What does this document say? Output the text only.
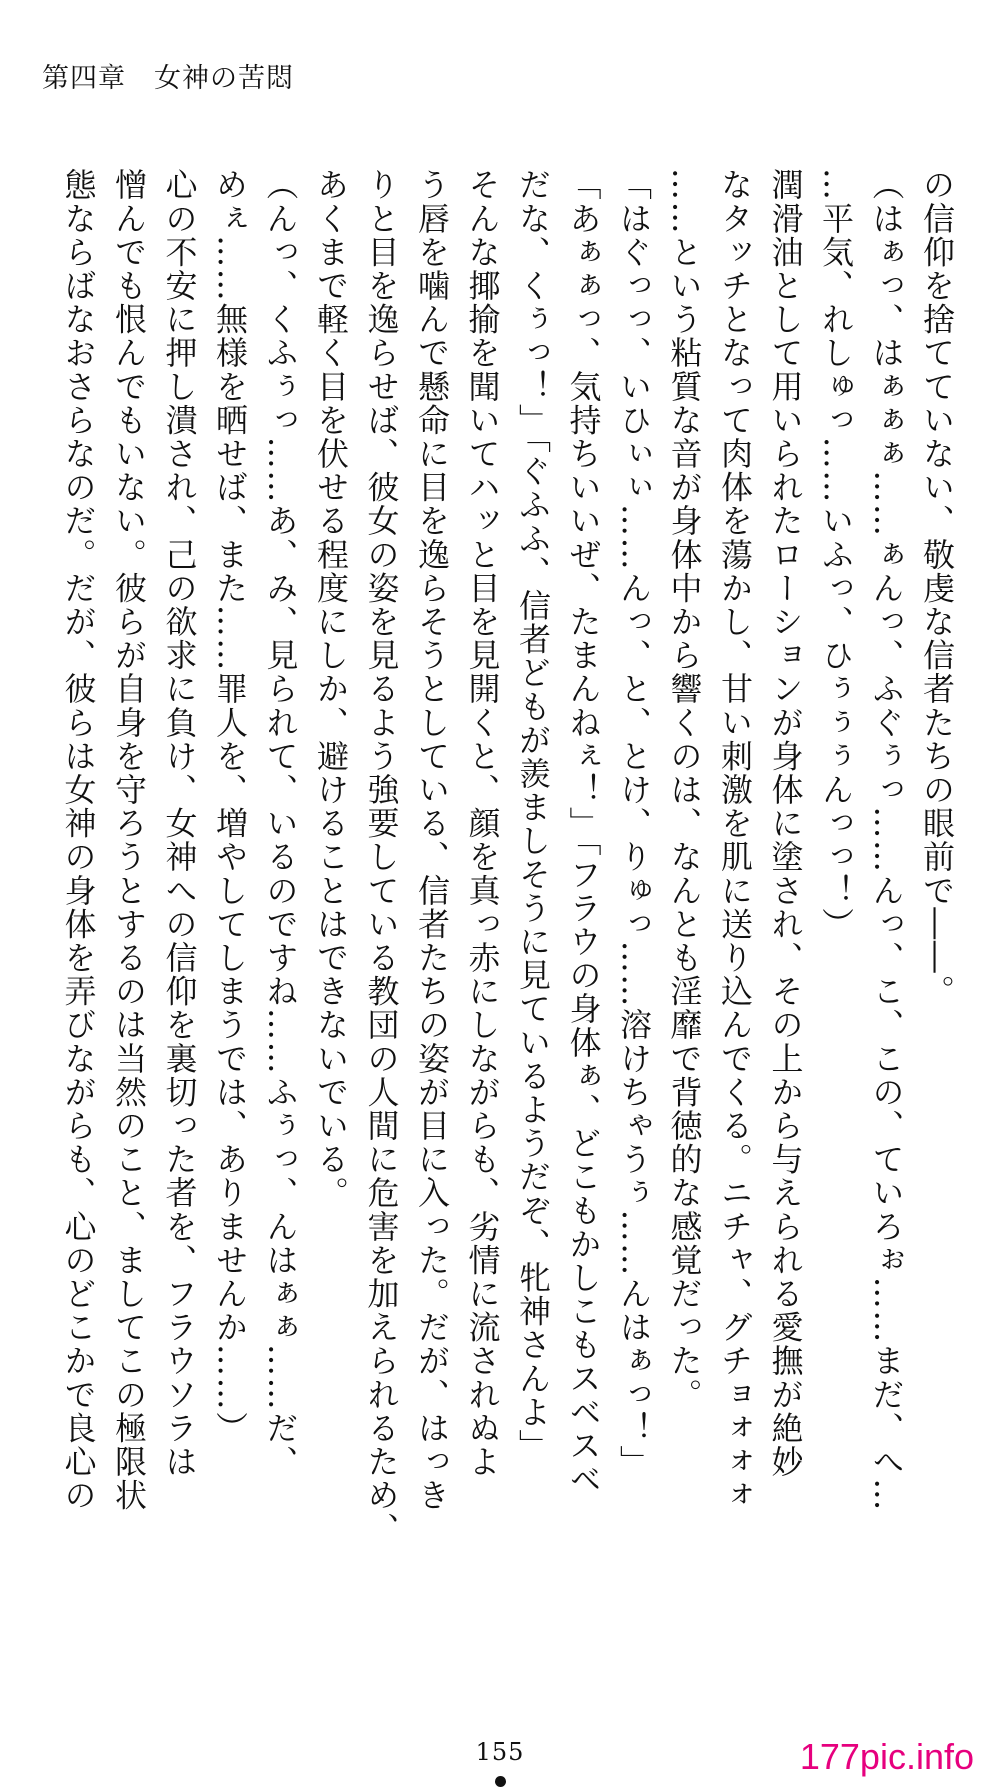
第四章　 女神の苦悶
の信仰を捨てていない、敬虔な信者たちの眼前で――。
（はぁっ、はぁぁぁ……ぁんっ、ふぐぅっ……んっ、こ、この、ていろぉ……まだ、へ…
…平気、れしゅっ……いふっ、ひぅぅぅんっっ！）
潤滑油として用いられたローションが身体に塗され、その上から与えられる愛撫が絶妙
なタッチとなって肉体を蕩かし、甘い刺激を肌に送り込んでくる。ニチャ、グチョォォォ
……という粘質な音が身体中から響くのは、なんとも淫靡で背徳的な感覚だった。
「はぐっっ、いひぃぃ……んっ、と、とけ、りゅっ……溶けちゃうぅ……んはぁっ！」
「あぁぁっ、気持ちいいぜ、たまんねぇ！」「フラウの身体ぁ、どこもかしこもスベスベ
だな、くぅっ！」「ぐふふ、信者どもが羨ましそうに見ているようだぞ、牝神さんよ」
そんな揶揄を聞いてハッと目を見開くと、顔を真っ赤にしながらも、劣情に流されぬよ
う唇を噛んで懸命に目を逸らそうとしている、信者たちの姿が目に入った。だが、はっき
りと目を逸らせば、彼女の姿を見るよう強要している教団の人間に危害を加えられるため、
あくまで軽く目を伏せる程度にしか、避けることはできないでいる。
（んっ、くふぅっ……あ、み、見られて、いるのですね……ふぅっ、んはぁぁ……だ、
めぇ……無様を晒せば、また……罪人を、増やしてしまうでは、ありませんか……）
心の不安に押し潰され、己の欲求に負け、女神への信仰を裏切った者を、フラウソラは
憎んでも恨んでもいない。彼らが自身を守ろうとするのは当然のこと、ましてこの極限状
態ならばなおさらなのだ。だが、彼らは女神の身体を弄びながらも、心のどこかで良心の
155	177pic.info
